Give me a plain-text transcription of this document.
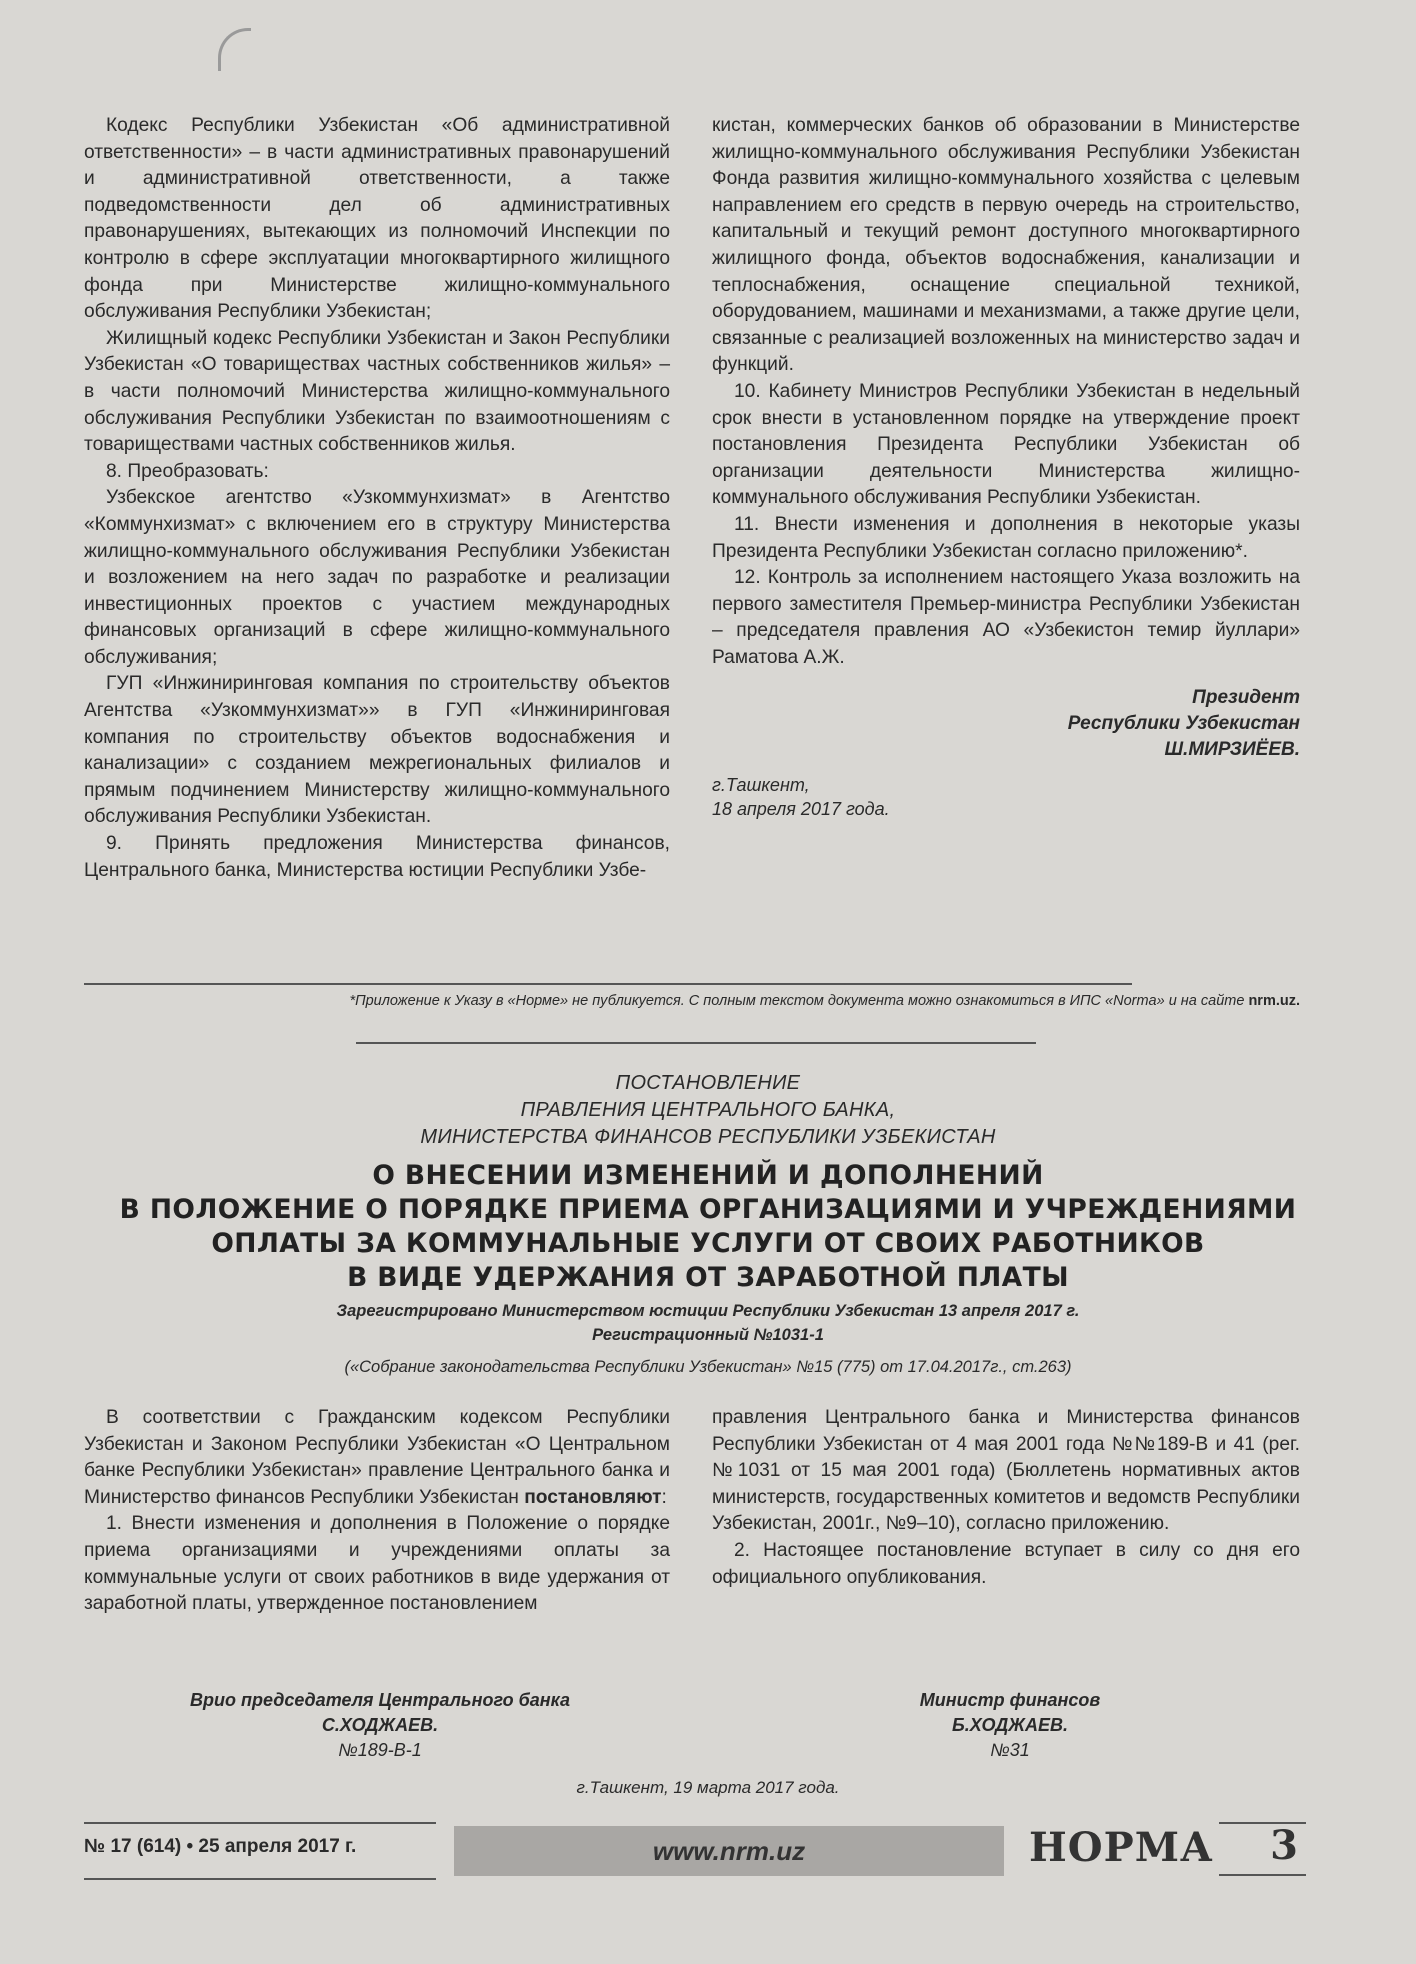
Кодекс Республики Узбекистан «Об административной ответственности» – в части административных правонарушений и административной ответственности, а также подведомственности дел об административных правонарушениях, вытекающих из полномочий Инспекции по контролю в сфере эксплуатации многоквартирного жилищного фонда при Министерстве жилищно-коммунального обслуживания Республики Узбекистан;

Жилищный кодекс Республики Узбекистан и Закон Республики Узбекистан «О товариществах частных собственников жилья» – в части полномочий Министерства жилищно-коммунального обслуживания Республики Узбекистан по взаимоотношениям с товариществами частных собственников жилья.

8. Преобразовать:

Узбекское агентство «Узкоммунхизмат» в Агентство «Коммунхизмат» с включением его в структуру Министерства жилищно-коммунального обслуживания Республики Узбекистан и возложением на него задач по разработке и реализации инвестиционных проектов с участием международных финансовых организаций в сфере жилищно-коммунального обслуживания;

ГУП «Инжиниринговая компания по строительству объектов Агентства «Узкоммунхизмат»» в ГУП «Инжиниринговая компания по строительству объектов водоснабжения и канализации» с созданием межрегиональных филиалов и прямым подчинением Министерству жилищно-коммунального обслуживания Республики Узбекистан.

9. Принять предложения Министерства финансов, Центрального банка, Министерства юстиции Республики Узбе-

кистан, коммерческих банков об образовании в Министерстве жилищно-коммунального обслуживания Республики Узбекистан Фонда развития жилищно-коммунального хозяйства с целевым направлением его средств в первую очередь на строительство, капитальный и текущий ремонт доступного многоквартирного жилищного фонда, объектов водоснабжения, канализации и теплоснабжения, оснащение специальной техникой, оборудованием, машинами и механизмами, а также другие цели, связанные с реализацией возложенных на министерство задач и функций.

10. Кабинету Министров Республики Узбекистан в недельный срок внести в установленном порядке на утверждение проект постановления Президента Республики Узбекистан об организации деятельности Министерства жилищно-коммунального обслуживания Республики Узбекистан.

11. Внести изменения и дополнения в некоторые указы Президента Республики Узбекистан согласно приложению*.

12. Контроль за исполнением настоящего Указа возложить на первого заместителя Премьер-министра Республики Узбекистан – председателя правления АО «Узбекистон темир йуллари» Раматова А.Ж.

Президент
Республики Узбекистан
Ш.МИРЗИЁЕВ.
г.Ташкент,
18 апреля 2017 года.
*Приложение к Указу в «Норме» не публикуется. С полным текстом документа можно ознакомиться в ИПС «Norma» и на сайте nrm.uz.
ПОСТАНОВЛЕНИЕ
ПРАВЛЕНИЯ ЦЕНТРАЛЬНОГО БАНКА,
МИНИСТЕРСТВА ФИНАНСОВ РЕСПУБЛИКИ УЗБЕКИСТАН
О ВНЕСЕНИИ ИЗМЕНЕНИЙ И ДОПОЛНЕНИЙ
В ПОЛОЖЕНИЕ О ПОРЯДКЕ ПРИЕМА ОРГАНИЗАЦИЯМИ И УЧРЕЖДЕНИЯМИ
ОПЛАТЫ ЗА КОММУНАЛЬНЫЕ УСЛУГИ ОТ СВОИХ РАБОТНИКОВ
В ВИДЕ УДЕРЖАНИЯ ОТ ЗАРАБОТНОЙ ПЛАТЫ
Зарегистрировано Министерством юстиции Республики Узбекистан 13 апреля 2017 г.
Регистрационный №1031-1
(«Собрание законодательства Республики Узбекистан» №15 (775) от 17.04.2017г., ст.263)

В соответствии с Гражданским кодексом Республики Узбекистан и Законом Республики Узбекистан «О Центральном банке Республики Узбекистан» правление Центрального банка и Министерство финансов Республики Узбекистан постановляют:

1. Внести изменения и дополнения в Положение о порядке приема организациями и учреждениями оплаты за коммунальные услуги от своих работников в виде удержания от заработной платы, утвержденное постановлением

правления Центрального банка и Министерства финансов Республики Узбекистан от 4 мая 2001 года №№189-В и 41 (рег. №1031 от 15 мая 2001 года) (Бюллетень нормативных актов министерств, государственных комитетов и ведомств Республики Узбекистан, 2001г., №9–10), согласно приложению.

2. Настоящее постановление вступает в силу со дня его официального опубликования.

Врио председателя Центрального банка
С.ХОДЖАЕВ.
№189-В-1
Министр финансов
Б.ХОДЖАЕВ.
№31
г.Ташкент, 19 марта 2017 года.
№ 17 (614) • 25 апреля 2017 г.	www.nrm.uz	НОРМА 3
